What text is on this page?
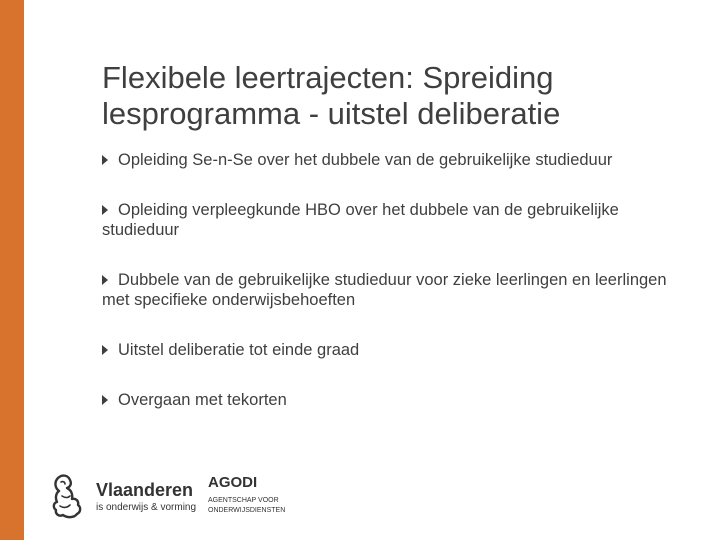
Flexibele leertrajecten: Spreiding lesprogramma - uitstel deliberatie
Opleiding Se-n-Se over het dubbele van de gebruikelijke studieduur
Opleiding verpleegkunde HBO over het dubbele van de gebruikelijke studieduur
Dubbele van de gebruikelijke studieduur voor zieke leerlingen en leerlingen met specifieke onderwijsbehoeften
Uitstel deliberatie tot einde graad
Overgaan met tekorten
Vlaanderen
is onderwijs & vorming
AGODI
AGENTSCHAP VOOR ONDERWIJSDIENSTEN
